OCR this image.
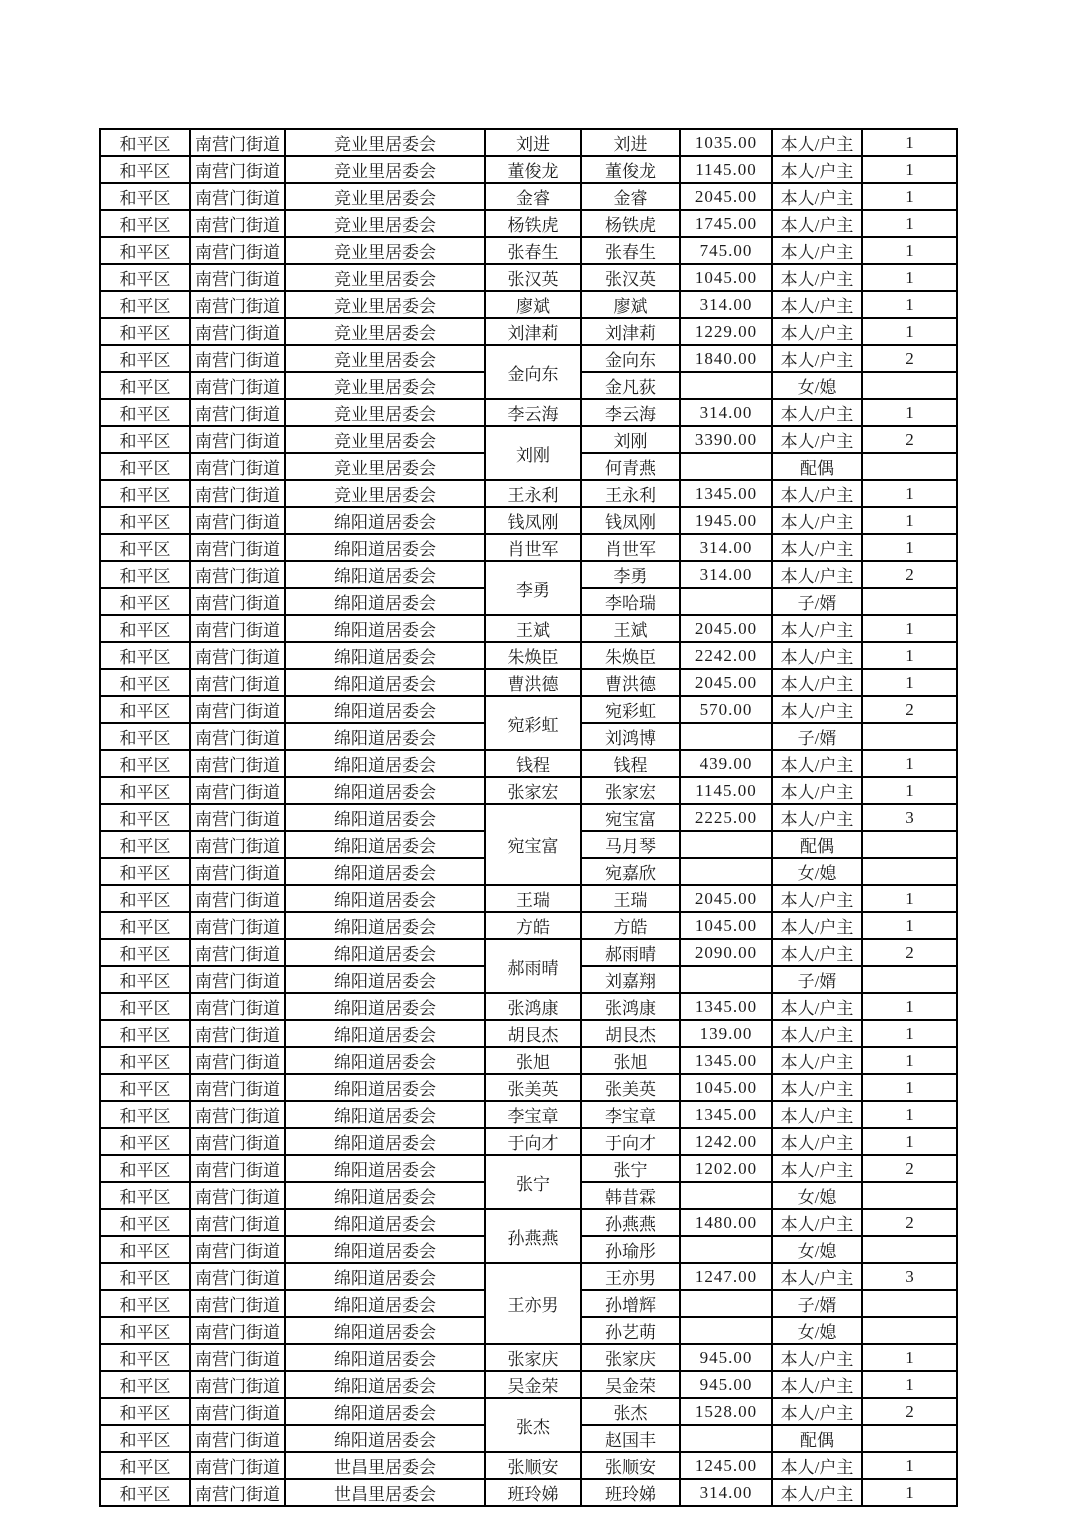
和平区	南营门街道	竞业里居委会	刘进	刘进	1035.00	本人/户主	1
和平区	南营门街道	竞业里居委会	董俊龙	董俊龙	1145.00	本人/户主	1
和平区	南营门街道	竞业里居委会	金睿	金睿	2045.00	本人/户主	1
和平区	南营门街道	竞业里居委会	杨铁虎	杨铁虎	1745.00	本人/户主	1
和平区	南营门街道	竞业里居委会	张春生	张春生	745.00	本人/户主	1
和平区	南营门街道	竞业里居委会	张汉英	张汉英	1045.00	本人/户主	1
和平区	南营门街道	竞业里居委会	廖斌	廖斌	314.00	本人/户主	1
和平区	南营门街道	竞业里居委会	刘津莉	刘津莉	1229.00	本人/户主	1
和平区	南营门街道	竞业里居委会	金向东	金向东	1840.00	本人/户主	2
和平区	南营门街道	竞业里居委会		金凡荻		女/媳	
和平区	南营门街道	竞业里居委会	李云海	李云海	314.00	本人/户主	1
和平区	南营门街道	竞业里居委会	刘刚	刘刚	3390.00	本人/户主	2
和平区	南营门街道	竞业里居委会		何青燕		配偶	
和平区	南营门街道	竞业里居委会	王永利	王永利	1345.00	本人/户主	1
和平区	南营门街道	绵阳道居委会	钱凤刚	钱凤刚	1945.00	本人/户主	1
和平区	南营门街道	绵阳道居委会	肖世军	肖世军	314.00	本人/户主	1
和平区	南营门街道	绵阳道居委会	李勇	李勇	314.00	本人/户主	2
和平区	南营门街道	绵阳道居委会		李哈瑞		子/婿	
和平区	南营门街道	绵阳道居委会	王斌	王斌	2045.00	本人/户主	1
和平区	南营门街道	绵阳道居委会	朱焕臣	朱焕臣	2242.00	本人/户主	1
和平区	南营门街道	绵阳道居委会	曹洪德	曹洪德	2045.00	本人/户主	1
和平区	南营门街道	绵阳道居委会	宛彩虹	宛彩虹	570.00	本人/户主	2
和平区	南营门街道	绵阳道居委会		刘鸿博		子/婿	
和平区	南营门街道	绵阳道居委会	钱程	钱程	439.00	本人/户主	1
和平区	南营门街道	绵阳道居委会	张家宏	张家宏	1145.00	本人/户主	1
和平区	南营门街道	绵阳道居委会	宛宝富	宛宝富	2225.00	本人/户主	3
和平区	南营门街道	绵阳道居委会		马月琴		配偶	
和平区	南营门街道	绵阳道居委会		宛嘉欣		女/媳	
和平区	南营门街道	绵阳道居委会	王瑞	王瑞	2045.00	本人/户主	1
和平区	南营门街道	绵阳道居委会	方皓	方皓	1045.00	本人/户主	1
和平区	南营门街道	绵阳道居委会	郝雨晴	郝雨晴	2090.00	本人/户主	2
和平区	南营门街道	绵阳道居委会		刘嘉翔		子/婿	
和平区	南营门街道	绵阳道居委会	张鸿康	张鸿康	1345.00	本人/户主	1
和平区	南营门街道	绵阳道居委会	胡艮杰	胡艮杰	139.00	本人/户主	1
和平区	南营门街道	绵阳道居委会	张旭	张旭	1345.00	本人/户主	1
和平区	南营门街道	绵阳道居委会	张美英	张美英	1045.00	本人/户主	1
和平区	南营门街道	绵阳道居委会	李宝章	李宝章	1345.00	本人/户主	1
和平区	南营门街道	绵阳道居委会	于向才	于向才	1242.00	本人/户主	1
和平区	南营门街道	绵阳道居委会	张宁	张宁	1202.00	本人/户主	2
和平区	南营门街道	绵阳道居委会		韩昔霖		女/媳	
和平区	南营门街道	绵阳道居委会	孙燕燕	孙燕燕	1480.00	本人/户主	2
和平区	南营门街道	绵阳道居委会		孙瑜彤		女/媳	
和平区	南营门街道	绵阳道居委会	王亦男	王亦男	1247.00	本人/户主	3
和平区	南营门街道	绵阳道居委会		孙增辉		子/婿	
和平区	南营门街道	绵阳道居委会		孙艺萌		女/媳	
和平区	南营门街道	绵阳道居委会	张家庆	张家庆	945.00	本人/户主	1
和平区	南营门街道	绵阳道居委会	吴金荣	吴金荣	945.00	本人/户主	1
和平区	南营门街道	绵阳道居委会	张杰	张杰	1528.00	本人/户主	2
和平区	南营门街道	绵阳道居委会		赵国丰		配偶	
和平区	南营门街道	世昌里居委会	张顺安	张顺安	1245.00	本人/户主	1
和平区	南营门街道	世昌里居委会	班玲娣	班玲娣	314.00	本人/户主	1
